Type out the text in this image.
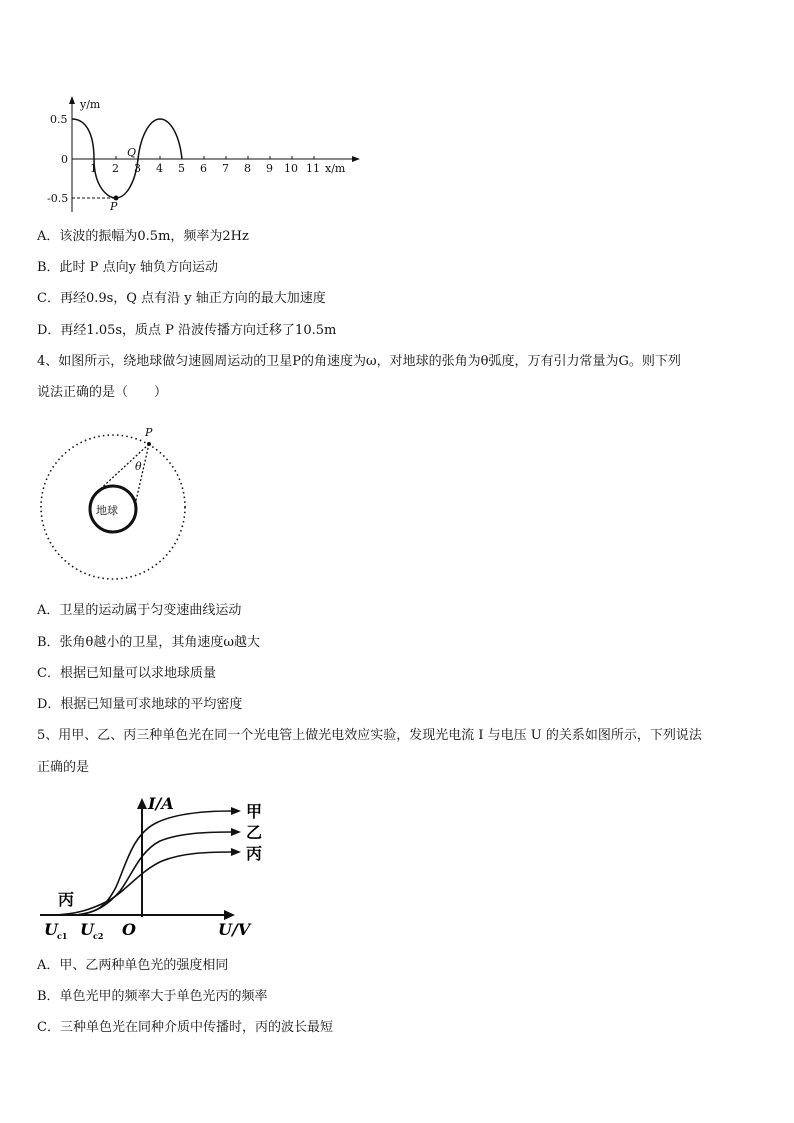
y/m
x/m
0.5
0
-0.5
1 2 3 4 5 6 7 8 9 10 11
Q
P
A．该波的振幅为0.5m，频率为2Hz
B．此时 P 点向y 轴负方向运动
C．再经0.9s，Q 点有沿 y 轴正方向的最大加速度
D．再经1.05s，质点 P 沿波传播方向迁移了10.5m
4、如图所示，绕地球做匀速圆周运动的卫星P的角速度为ω，对地球的张角为θ弧度，万有引力常量为G。则下列
说法正确的是（　　）
P
θ
地球
A．卫星的运动属于匀变速曲线运动
B．张角θ越小的卫星，其角速度ω越大
C．根据已知量可以求地球质量
D．根据已知量可求地球的平均密度
5、用甲、乙、丙三种单色光在同一个光电管上做光电效应实验，发现光电流 I 与电压 U 的关系如图所示，下列说法
正确的是
I/A
U/V
O
甲
乙
丙
丙
U c1 U c2
A．甲、乙两种单色光的强度相同
B．单色光甲的频率大于单色光丙的频率
C．三种单色光在同种介质中传播时，丙的波长最短
